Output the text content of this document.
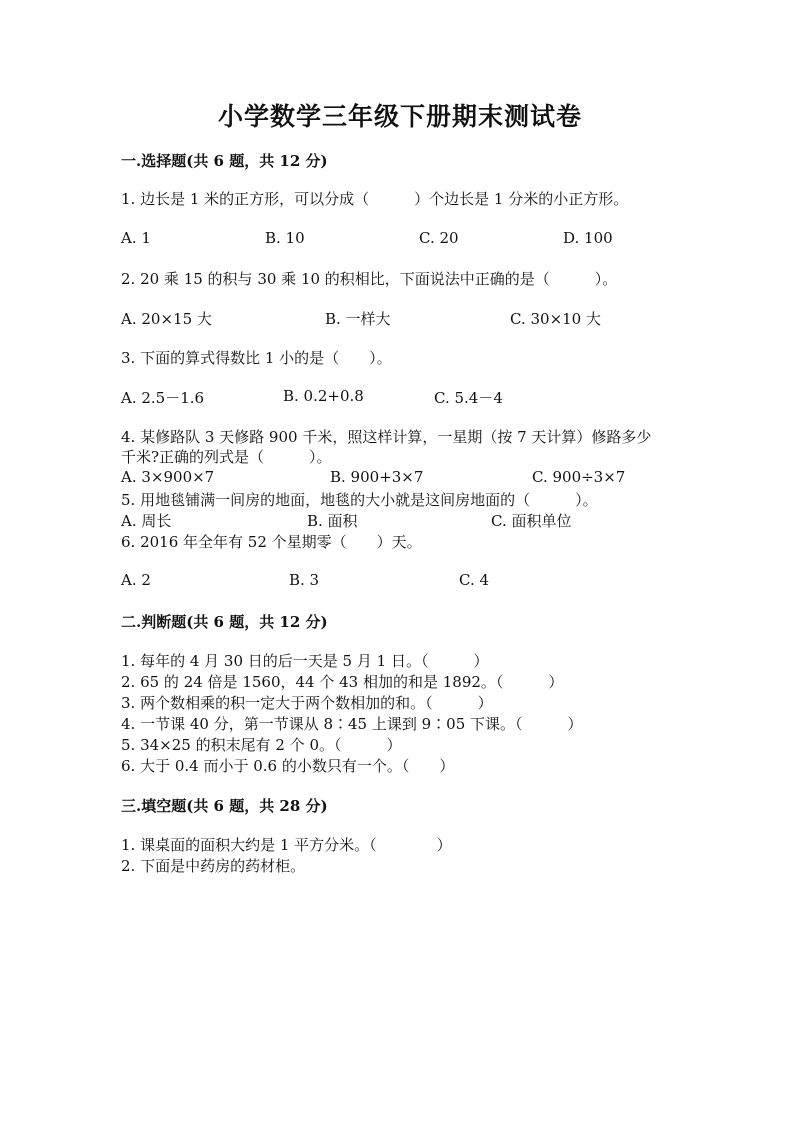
小学数学三年级下册期末测试卷
一.选择题(共 6 题，共 12 分)
1. 边长是 1 米的正方形，可以分成（　　　）个边长是 1 分米的小正方形。
A. 1	B. 10	C. 20	D. 100
2. 20 乘 15 的积与 30 乘 10 的积相比，下面说法中正确的是（　　　）。
A. 20×15 大	B. 一样大	C. 30×10 大
3. 下面的算式得数比 1 小的是（　　）。
A. 2.5－1.6	B. 0.2+0.8	C. 5.4－4
4. 某修路队 3 天修路 900 千米，照这样计算，一星期（按 7 天计算）修路多少
千米?正确的列式是（　　　）。
A. 3×900×7	B. 900+3×7	C. 900÷3×7
5. 用地毯铺满一间房的地面，地毯的大小就是这间房地面的（　　　）。
A. 周长	B. 面积	C. 面积单位
6. 2016 年全年有 52 个星期零（　　）天。
A. 2	B. 3	C. 4
二.判断题(共 6 题，共 12 分)
1. 每年的 4 月 30 日的后一天是 5 月 1 日。（　　　）
2. 65 的 24 倍是 1560，44 个 43 相加的和是 1892。（　　　）
3. 两个数相乘的积一定大于两个数相加的和。（　　　）
4. 一节课 40 分，第一节课从 8∶45 上课到 9∶05 下课。（　　　）
5. 34×25 的积末尾有 2 个 0。（　　　）
6. 大于 0.4 而小于 0.6 的小数只有一个。（　　）
三.填空题(共 6 题，共 28 分)
1. 课桌面的面积大约是 1 平方分米。（　　　　）
2. 下面是中药房的药材柜。
